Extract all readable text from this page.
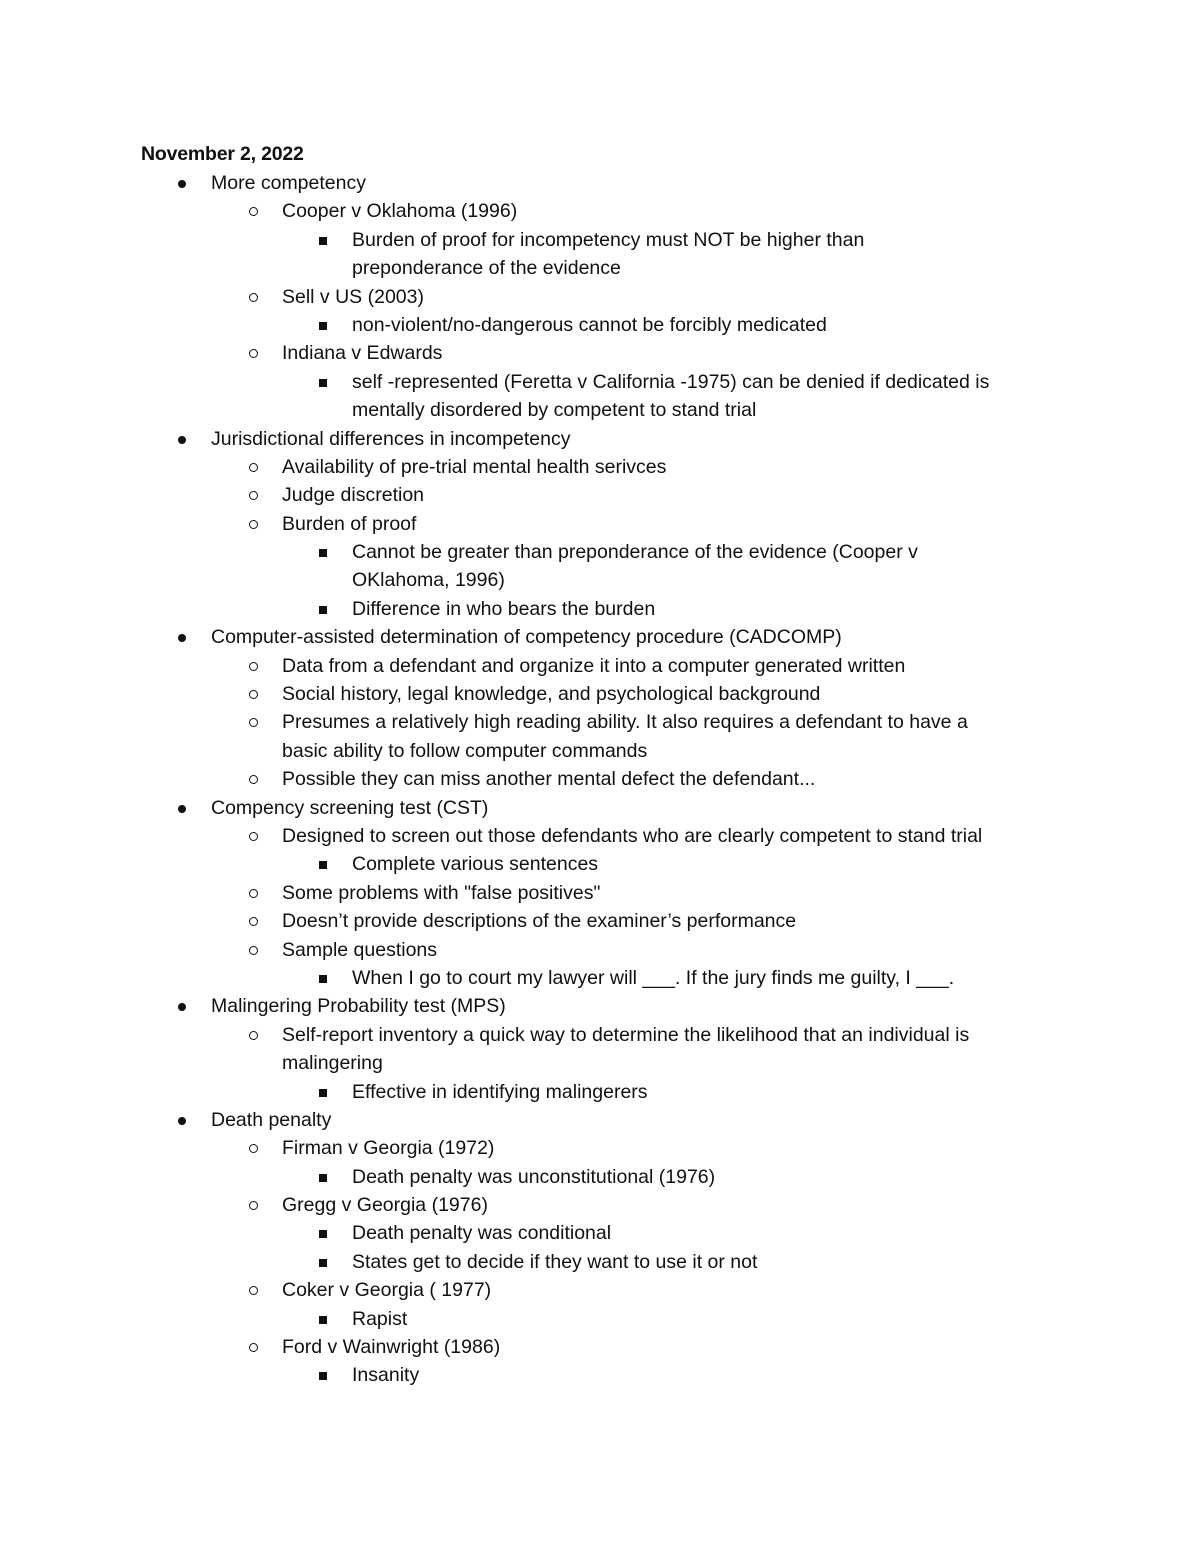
November 2, 2022
More competency
Cooper v Oklahoma (1996)
Burden of proof for incompetency must NOT be higher than
preponderance of the evidence
Sell v US (2003)
non-violent/no-dangerous cannot be forcibly medicated
Indiana v Edwards
self -represented (Feretta v California -1975) can be denied if dedicated is
mentally disordered by competent to stand trial
Jurisdictional differences in incompetency
Availability of pre-trial mental health serivces
Judge discretion
Burden of proof
Cannot be greater than preponderance of the evidence (Cooper v
OKlahoma, 1996)
Difference in who bears the burden
Computer-assisted determination of competency procedure (CADCOMP)
Data from a defendant and organize it into a computer generated written
Social history, legal knowledge, and psychological background
Presumes a relatively high reading ability. It also requires a defendant to have a
basic ability to follow computer commands
Possible they can miss another mental defect the defendant...
Compency screening test (CST)
Designed to screen out those defendants who are clearly competent to stand trial
Complete various sentences
Some problems with "false positives"
Doesn’t provide descriptions of the examiner’s performance
Sample questions
When I go to court my lawyer will ___. If the jury finds me guilty, I ___.
Malingering Probability test (MPS)
Self-report inventory a quick way to determine the likelihood that an individual is
malingering
Effective in identifying malingerers
Death penalty
Firman v Georgia (1972)
Death penalty was unconstitutional (1976)
Gregg v Georgia (1976)
Death penalty was conditional
States get to decide if they want to use it or not
Coker v Georgia ( 1977)
Rapist
Ford v Wainwright (1986)
Insanity
